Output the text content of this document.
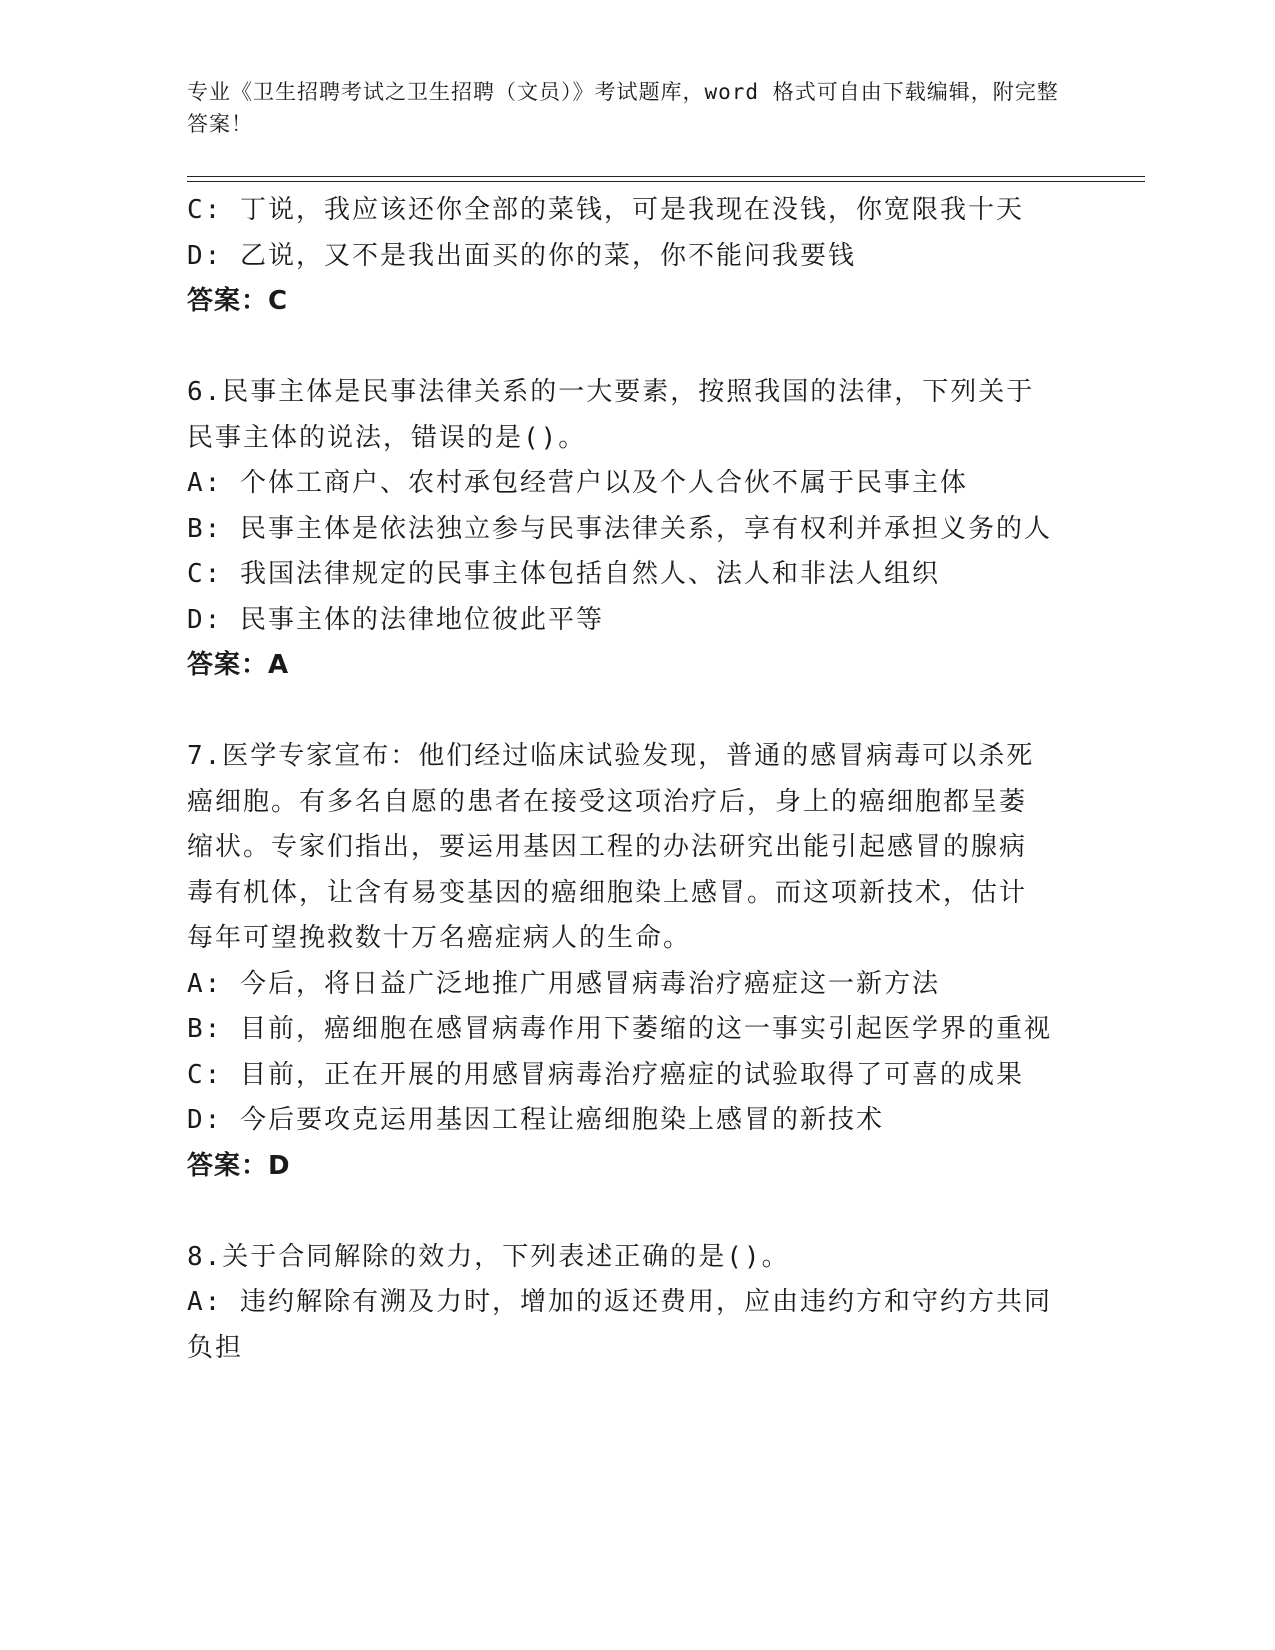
专业《卫生招聘考试之卫生招聘（文员）》考试题库，word 格式可自由下载编辑，附完整答案！
C: 丁说，我应该还你全部的菜钱，可是我现在没钱，你宽限我十天
D: 乙说，又不是我出面买的你的菜，你不能问我要钱
答案：C
6.民事主体是民事法律关系的一大要素，按照我国的法律，下列关于
民事主体的说法，错误的是()。
A: 个体工商户、农村承包经营户以及个人合伙不属于民事主体
B: 民事主体是依法独立参与民事法律关系，享有权利并承担义务的人
C: 我国法律规定的民事主体包括自然人、法人和非法人组织
D: 民事主体的法律地位彼此平等
答案：A
7.医学专家宣布：他们经过临床试验发现，普通的感冒病毒可以杀死
癌细胞。有多名自愿的患者在接受这项治疗后，身上的癌细胞都呈萎
缩状。专家们指出，要运用基因工程的办法研究出能引起感冒的腺病
毒有机体，让含有易变基因的癌细胞染上感冒。而这项新技术，估计
每年可望挽救数十万名癌症病人的生命。
A: 今后，将日益广泛地推广用感冒病毒治疗癌症这一新方法
B: 目前，癌细胞在感冒病毒作用下萎缩的这一事实引起医学界的重视
C: 目前，正在开展的用感冒病毒治疗癌症的试验取得了可喜的成果
D: 今后要攻克运用基因工程让癌细胞染上感冒的新技术
答案：D
8.关于合同解除的效力，下列表述正确的是()。
A: 违约解除有溯及力时，增加的返还费用，应由违约方和守约方共同
负担
